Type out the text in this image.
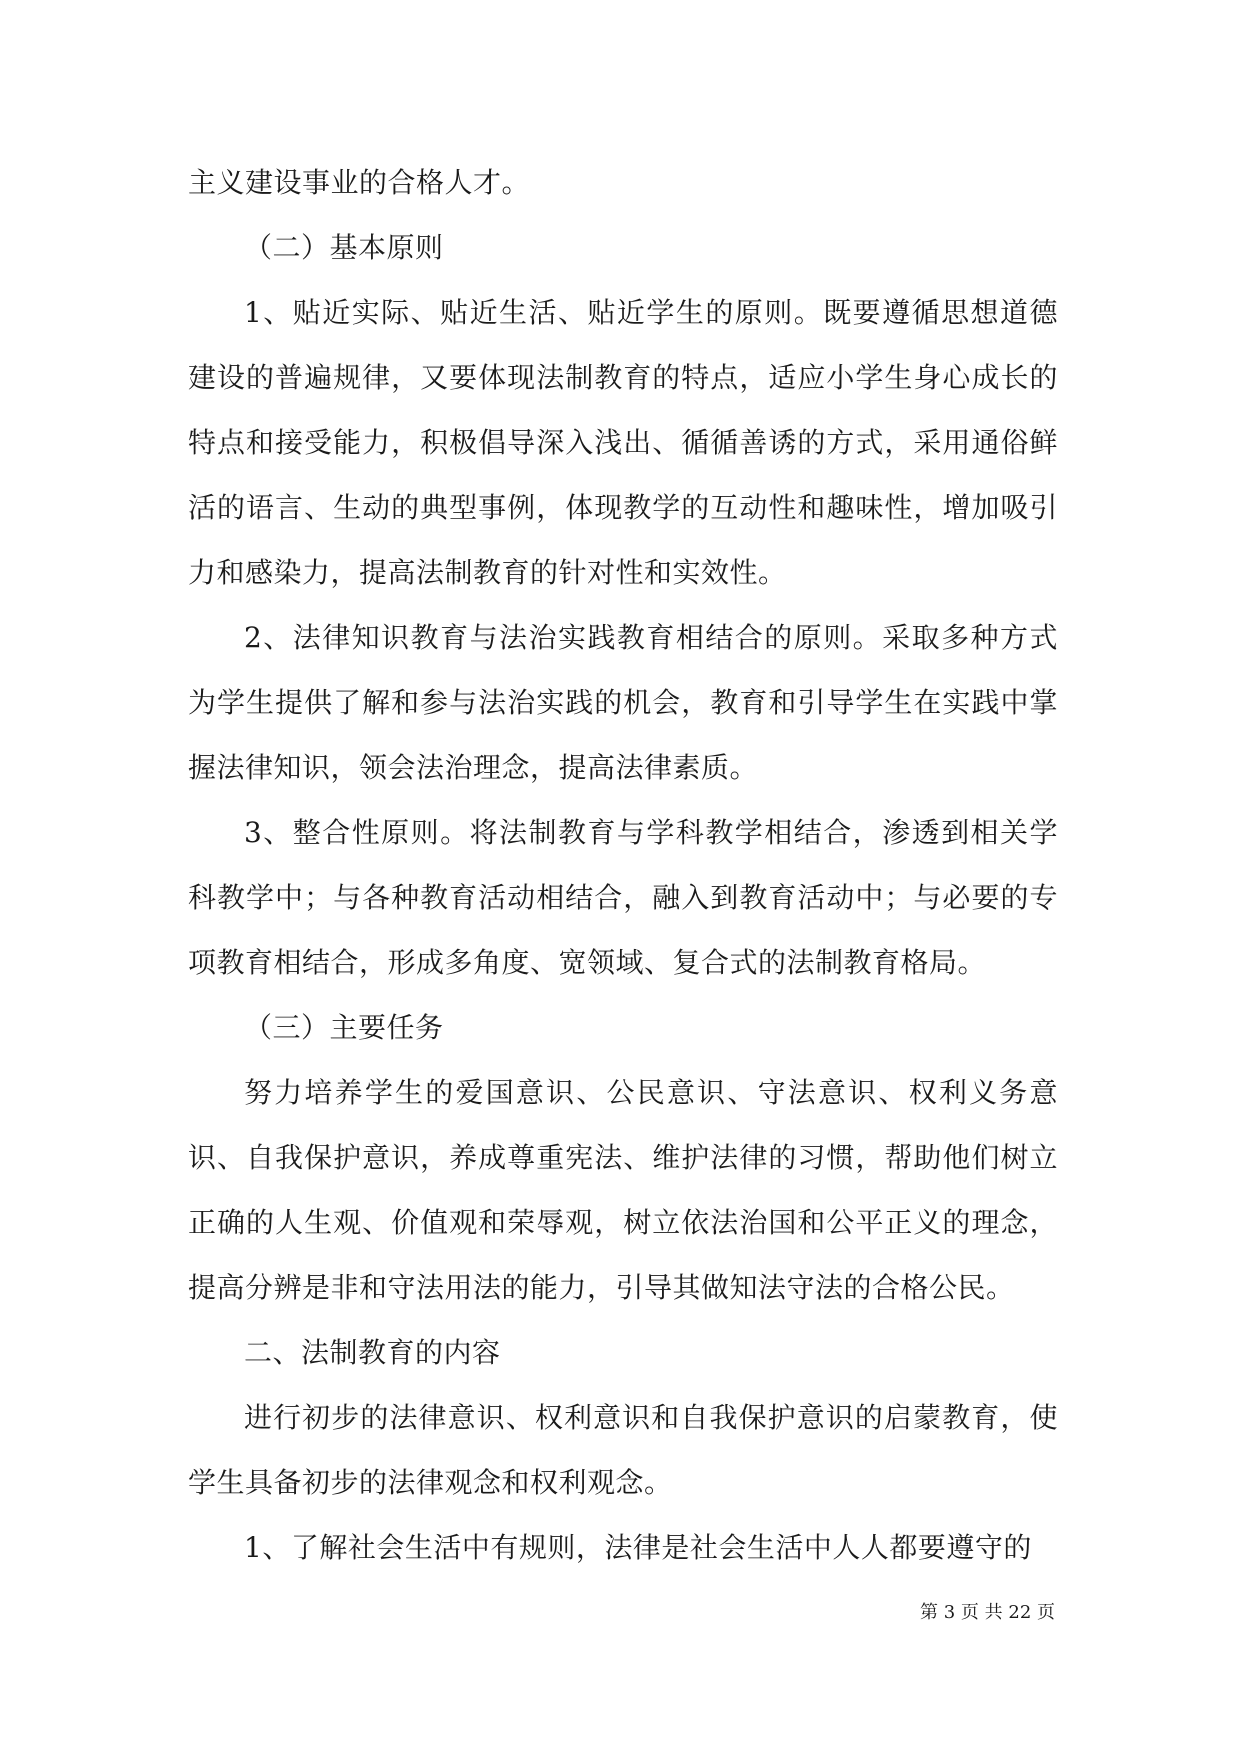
主义建设事业的合格人才。

（二）基本原则

1、贴近实际、贴近生活、贴近学生的原则。既要遵循思想道德建设的普遍规律，又要体现法制教育的特点，适应小学生身心成长的特点和接受能力，积极倡导深入浅出、循循善诱的方式，采用通俗鲜活的语言、生动的典型事例，体现教学的互动性和趣味性，增加吸引力和感染力，提高法制教育的针对性和实效性。

2、法律知识教育与法治实践教育相结合的原则。采取多种方式为学生提供了解和参与法治实践的机会，教育和引导学生在实践中掌握法律知识，领会法治理念，提高法律素质。

3、整合性原则。将法制教育与学科教学相结合，渗透到相关学科教学中；与各种教育活动相结合，融入到教育活动中；与必要的专项教育相结合，形成多角度、宽领域、复合式的法制教育格局。

（三）主要任务

努力培养学生的爱国意识、公民意识、守法意识、权利义务意识、自我保护意识，养成尊重宪法、维护法律的习惯，帮助他们树立正确的人生观、价值观和荣辱观，树立依法治国和公平正义的理念，提高分辨是非和守法用法的能力，引导其做知法守法的合格公民。

二、法制教育的内容

进行初步的法律意识、权利意识和自我保护意识的启蒙教育，使学生具备初步的法律观念和权利观念。

1、了解社会生活中有规则，法律是社会生活中人人都要遵守的

第 3 页 共 22 页
